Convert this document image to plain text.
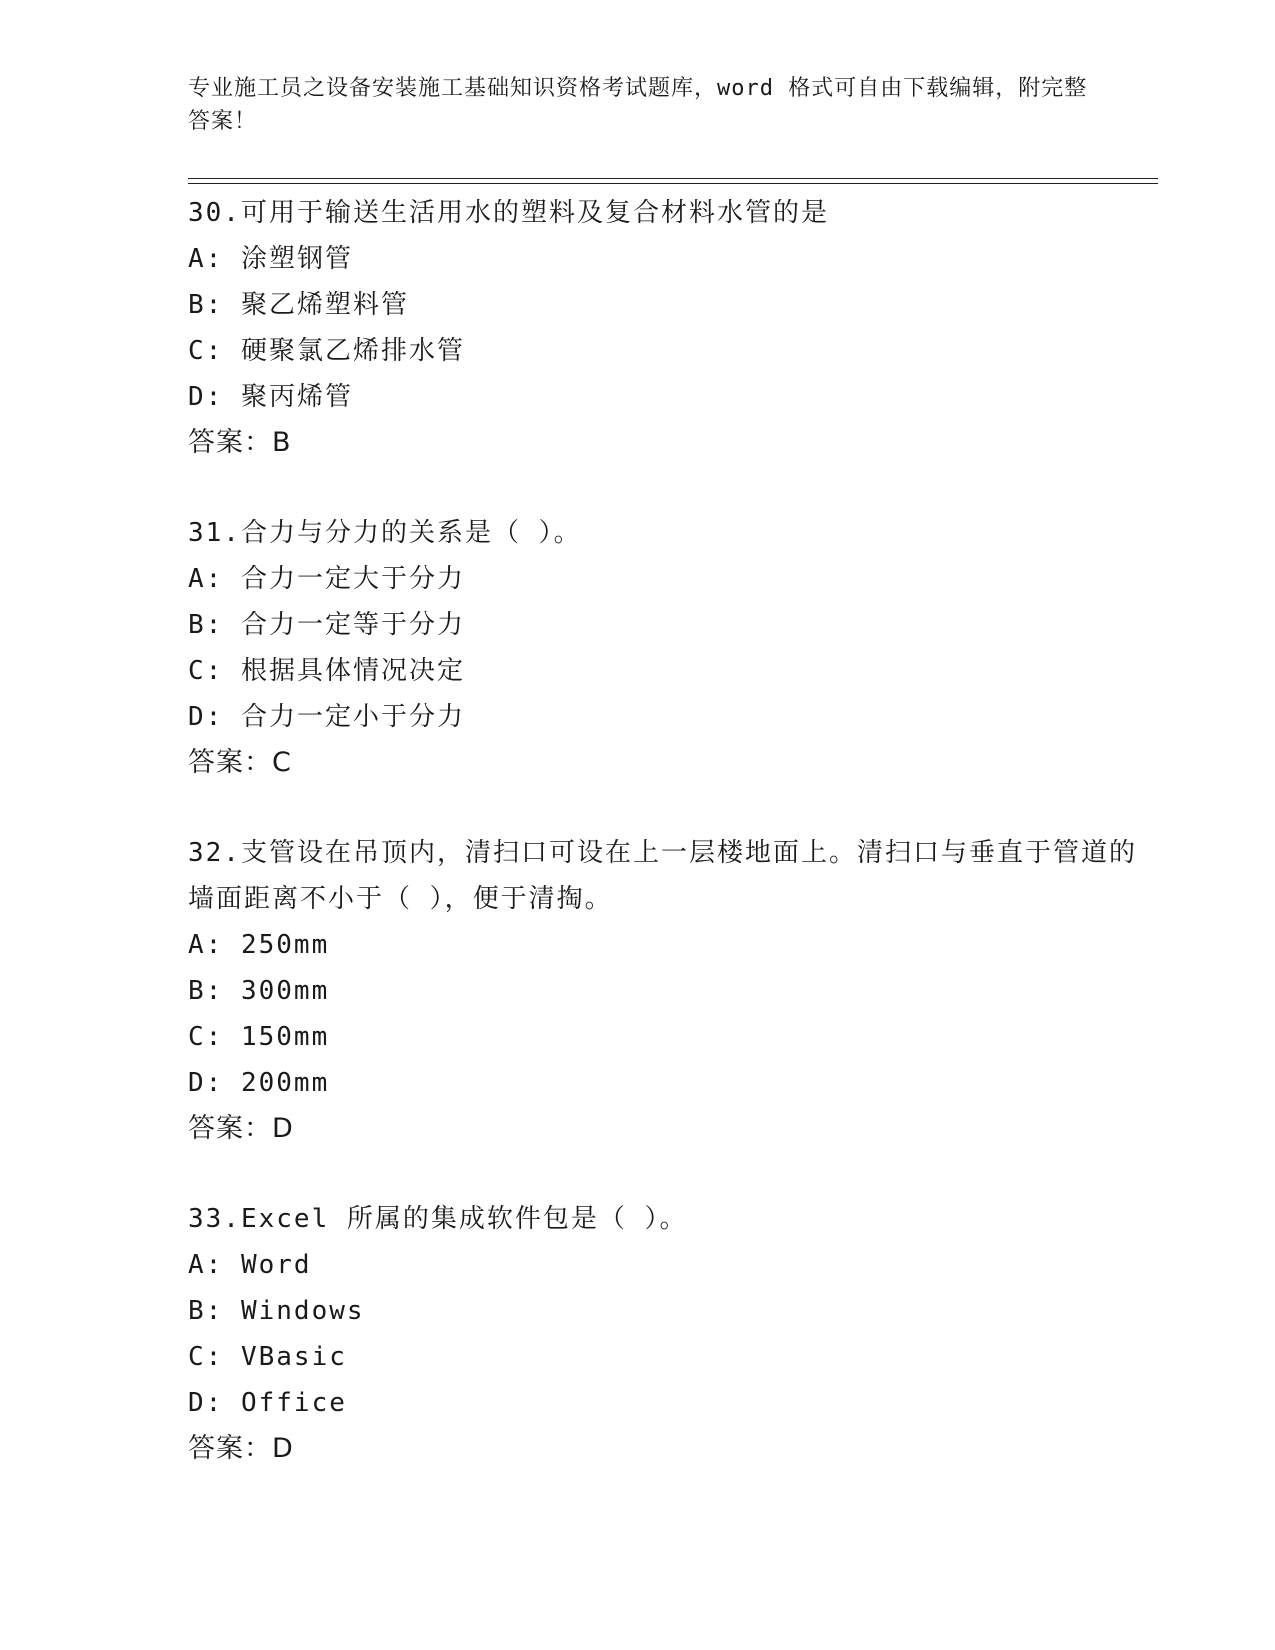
专业施工员之设备安装施工基础知识资格考试题库，word 格式可自由下载编辑，附完整答案！
30.可用于输送生活用水的塑料及复合材料水管的是
A: 涂塑钢管
B: 聚乙烯塑料管
C: 硬聚氯乙烯排水管
D: 聚丙烯管
答案：B
31.合力与分力的关系是（ ）。
A: 合力一定大于分力
B: 合力一定等于分力
C: 根据具体情况决定
D: 合力一定小于分力
答案：C
32.支管设在吊顶内，清扫口可设在上一层楼地面上。清扫口与垂直于管道的墙面距离不小于（ ），便于清掏。
A: 250mm
B: 300mm
C: 150mm
D: 200mm
答案：D
33.Excel 所属的集成软件包是（ ）。
A: Word
B: Windows
C: VBasic
D: Office
答案：D
